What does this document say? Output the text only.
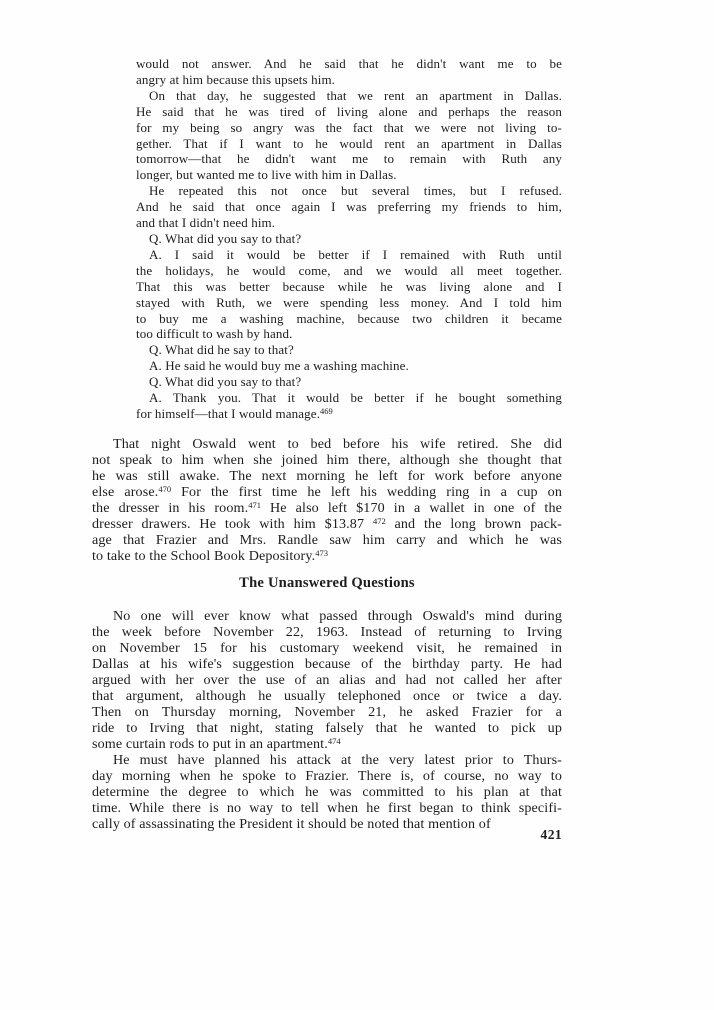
would not answer. And he said that he didn't want me to be
angry at him because this upsets him.
On that day, he suggested that we rent an apartment in Dallas.
He said that he was tired of living alone and perhaps the reason
for my being so angry was the fact that we were not living to-
gether. That if I want to he would rent an apartment in Dallas
tomorrow—that he didn't want me to remain with Ruth any
longer, but wanted me to live with him in Dallas.
He repeated this not once but several times, but I refused.
And he said that once again I was preferring my friends to him,
and that I didn't need him.
Q. What did you say to that?
A. I said it would be better if I remained with Ruth until
the holidays, he would come, and we would all meet together.
That this was better because while he was living alone and I
stayed with Ruth, we were spending less money. And I told him
to buy me a washing machine, because two children it became
too difficult to wash by hand.
Q. What did he say to that?
A. He said he would buy me a washing machine.
Q. What did you say to that?
A. Thank you. That it would be better if he bought something
for himself—that I would manage.$^{469}$
That night Oswald went to bed before his wife retired. She did
not speak to him when she joined him there, although she thought that
he was still awake. The next morning he left for work before anyone
else arose.$^{470}$ For the first time he left his wedding ring in a cup on
the dresser in his room.$^{471}$ He also left $170 in a wallet in one of the
dresser drawers. He took with him $13.87 $^{472}$ and the long brown pack-
age that Frazier and Mrs. Randle saw him carry and which he was
to take to the School Book Depository.$^{473}$
The Unanswered Questions
No one will ever know what passed through Oswald's mind during
the week before November 22, 1963. Instead of returning to Irving
on November 15 for his customary weekend visit, he remained in
Dallas at his wife's suggestion because of the birthday party. He had
argued with her over the use of an alias and had not called her after
that argument, although he usually telephoned once or twice a day.
Then on Thursday morning, November 21, he asked Frazier for a
ride to Irving that night, stating falsely that he wanted to pick up
some curtain rods to put in an apartment.$^{474}$
He must have planned his attack at the very latest prior to Thurs-
day morning when he spoke to Frazier. There is, of course, no way to
determine the degree to which he was committed to his plan at that
time. While there is no way to tell when he first began to think specifi-
cally of assassinating the President it should be noted that mention of
421
